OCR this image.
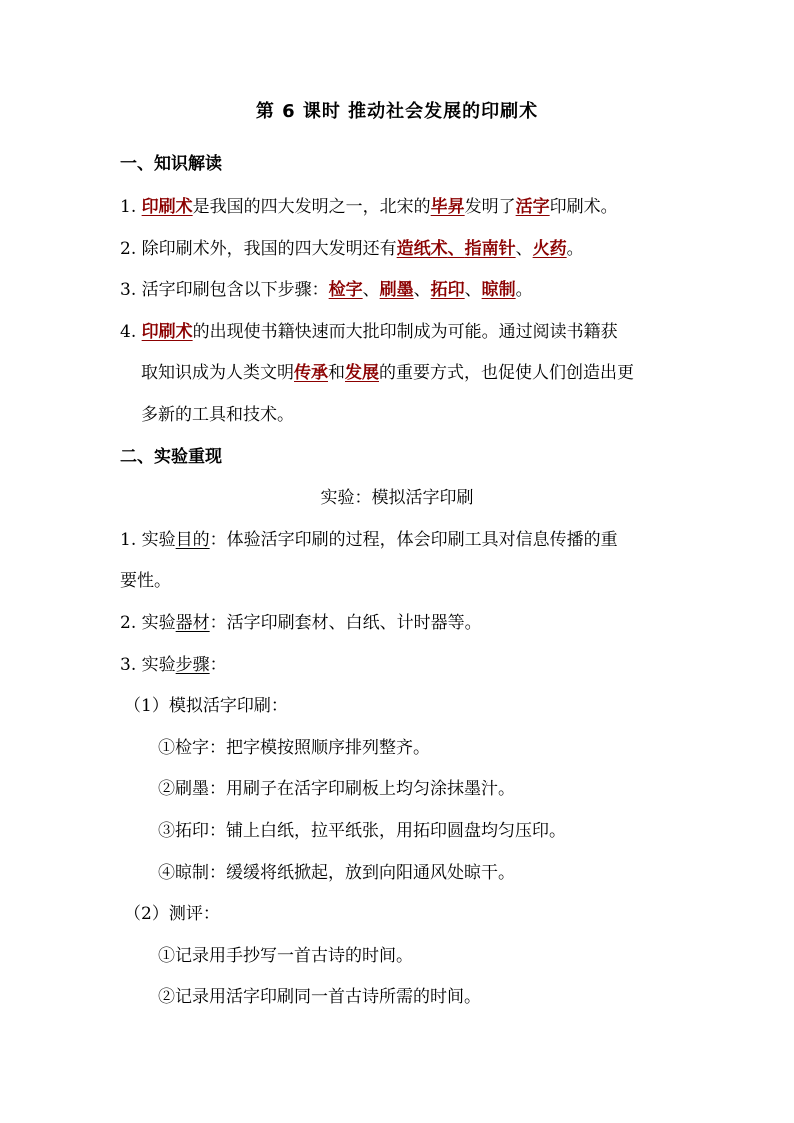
第 6 课时 推动社会发展的印刷术
一、知识解读
1. 印刷术是我国的四大发明之一，北宋的毕昇发明了活字印刷术。
2. 除印刷术外，我国的四大发明还有造纸术、指南针、火药。
3. 活字印刷包含以下步骤：检字、刷墨、拓印、晾制。
4. 印刷术的出现使书籍快速而大批印制成为可能。通过阅读书籍获
取知识成为人类文明传承和发展的重要方式，也促使人们创造出更
多新的工具和技术。
二、实验重现
实验：模拟活字印刷
1. 实验目的：体验活字印刷的过程，体会印刷工具对信息传播的重
要性。
2. 实验器材：活字印刷套材、白纸、计时器等。
3. 实验步骤：
（1）模拟活字印刷：
①检字：把字模按照顺序排列整齐。
②刷墨：用刷子在活字印刷板上均匀涂抹墨汁。
③拓印：铺上白纸，拉平纸张，用拓印圆盘均匀压印。
④晾制：缓缓将纸掀起，放到向阳通风处晾干。
（2）测评：
①记录用手抄写一首古诗的时间。
②记录用活字印刷同一首古诗所需的时间。
